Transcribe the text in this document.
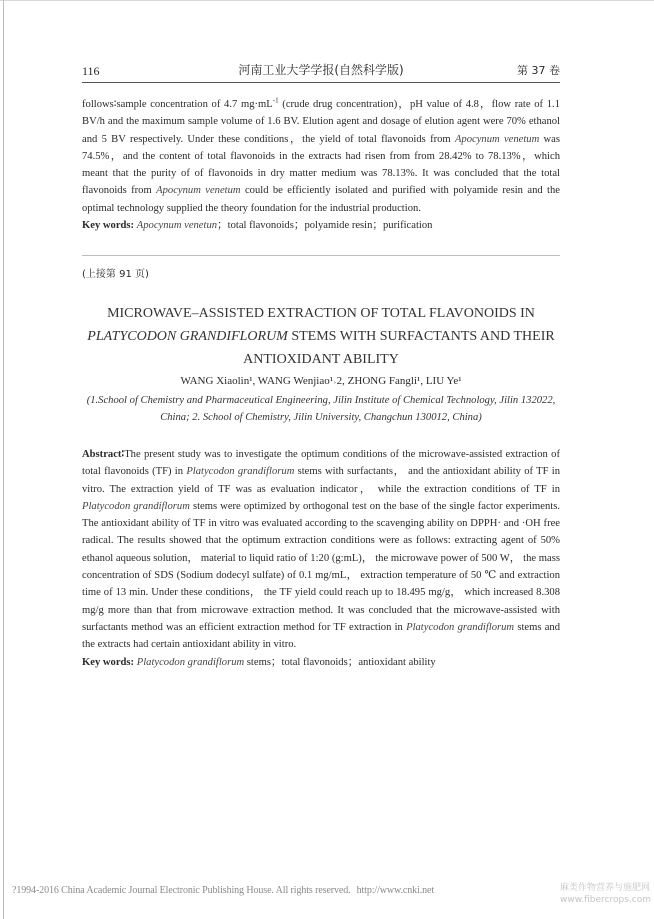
116	河南工业大学学报(自然科学版)	第 37 卷
follows∶sample concentration of 4.7 $mg\cdot mL^{-1}$ (crude drug concentration)，pH value of 4.8，flow rate of 1.1 BV/h and the maximum sample volume of 1.6 BV. Elution agent and dosage of elution agent were 70% ethanol and 5 BV respectively. Under these conditions，the yield of total flavonoids from Apocynum venetum was 74.5%，and the content of total flavonoids in the extracts had risen from from 28.42% to 78.13%，which meant that the purity of of flavonoids in dry matter medium was 78.13%. It was concluded that the total flavonoids from Apocynum venetum could be efficiently isolated and purified with polyamide resin and the optimal technology supplied the theory foundation for the industrial production.
Key words: Apocynum venetun；total flavonoids；polyamide resin；purification
(上接第 91 页)
MICROWAVE–ASSISTED EXTRACTION OF TOTAL FLAVONOIDS IN
PLATYCODON GRANDIFLORUM STEMS WITH SURFACTANTS AND THEIR
ANTIOXIDANT ABILITY
WANG Xiaolin¹, WANG Wenjiao¹˒2, ZHONG Fangli¹, LIU Ye¹
(1.School of Chemistry and Pharmaceutical Engineering, Jilin Institute of Chemical Technology, Jilin 132022,
China; 2. School of Chemistry, Jilin University, Changchun 130012, China)
Abstract∶The present study was to investigate the optimum conditions of the microwave-assisted extraction of total flavonoids (TF) in Platycodon grandiflorum stems with surfactants， and the antioxidant ability of TF in vitro. The extraction yield of TF was as evaluation indicator， while the extraction conditions of TF in Platycodon grandiflorum stems were optimized by orthogonal test on the base of the single factor experiments. The antioxidant ability of TF in vitro was evaluated according to the scavenging ability on DPPH· and ·OH free radical. The results showed that the optimum extraction conditions were as follows: extracting agent of 50% ethanol aqueous solution， material to liquid ratio of 1:20 (g:mL)， the microwave power of 500 W， the mass concentration of SDS (Sodium dodecyl sulfate) of 0.1 mg/mL， extraction temperature of 50 ℃ and extraction time of 13 min. Under these conditions， the TF yield could reach up to 18.495 mg/g， which increased 8.308 mg/g more than that from microwave extraction method. It was concluded that the microwave-assisted with surfactants method was an efficient extraction method for TF extraction in Platycodon grandiflorum stems and the extracts had certain antioxidant ability in vitro.
Key words: Platycodon grandiflorum stems；total flavonoids；antioxidant ability
?1994-2016 China Academic Journal Electronic Publishing House. All rights reserved. http://www.cnki.net	麻类作物营养与施肥网
www.fibercrops.com
